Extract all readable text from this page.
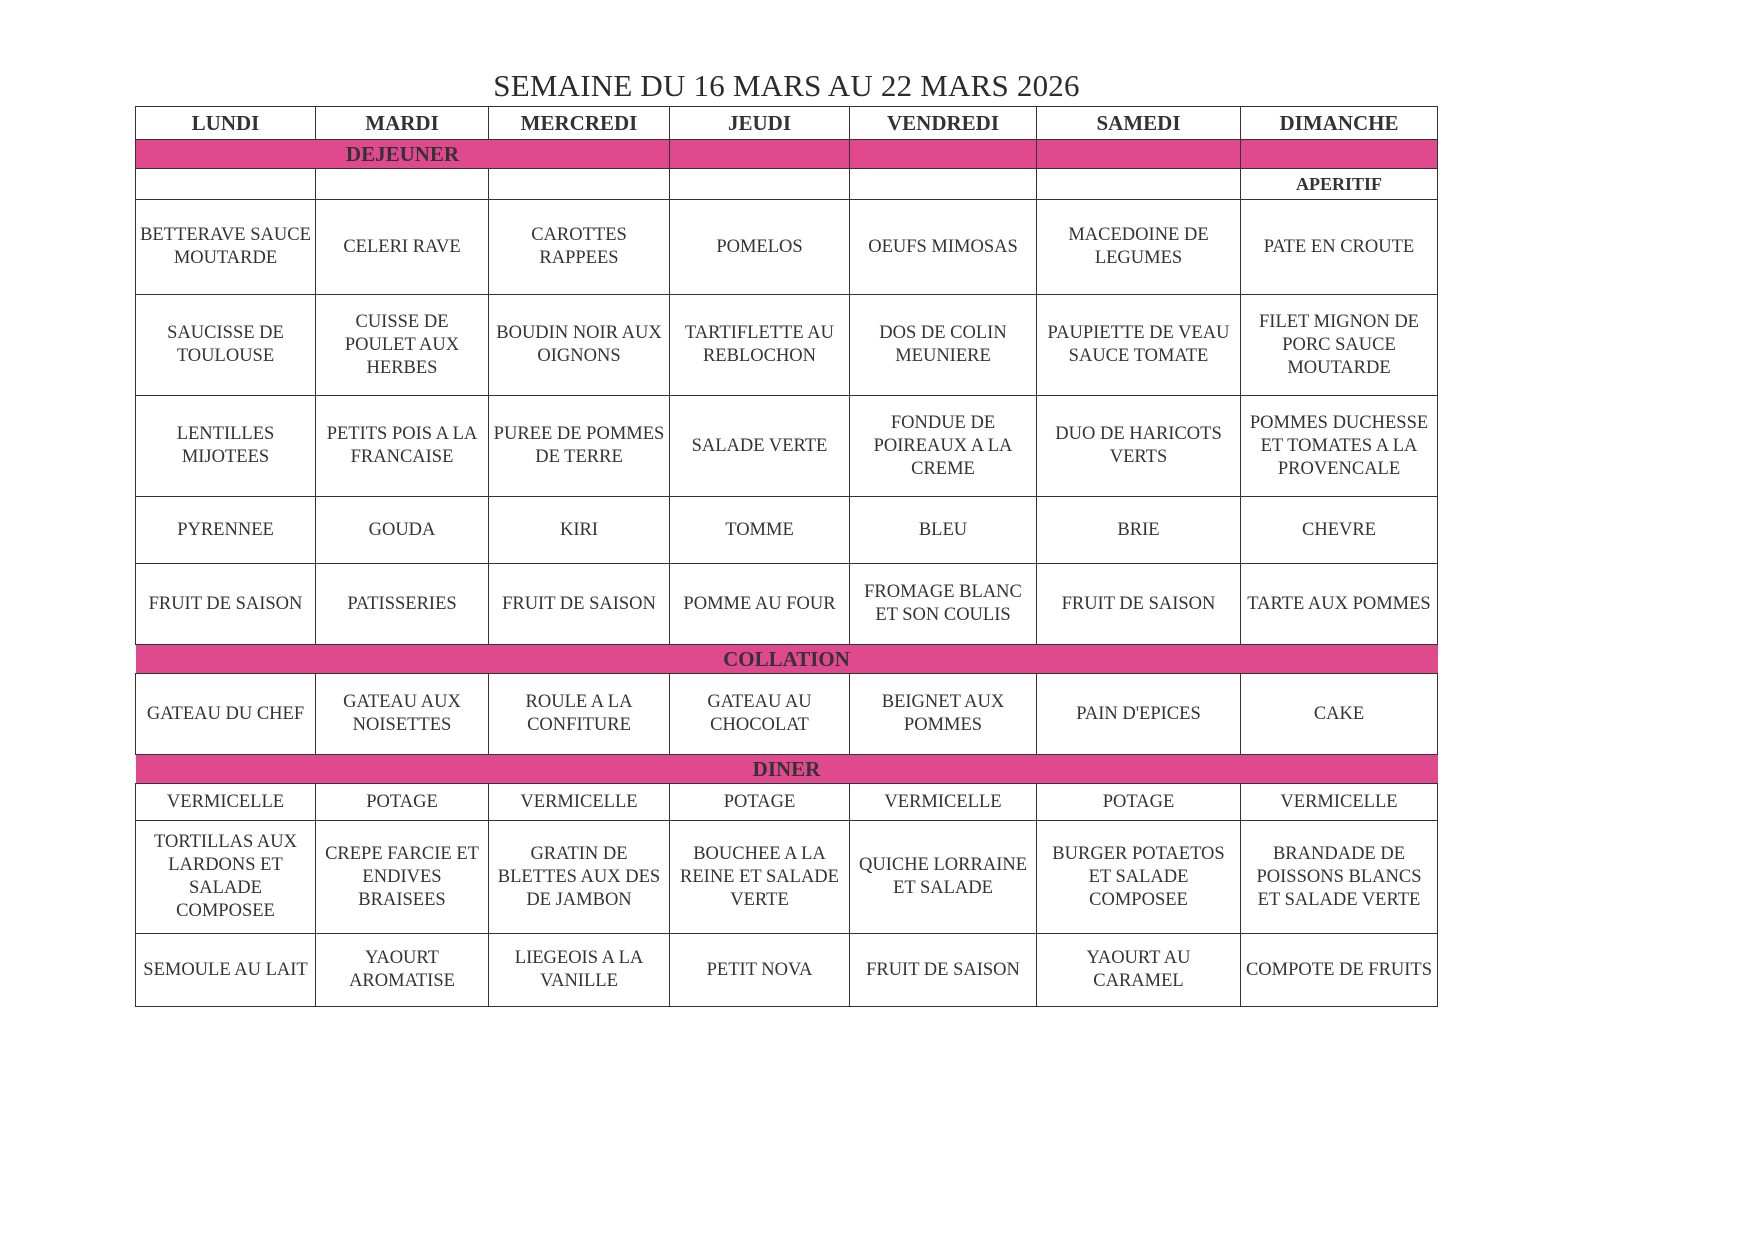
SEMAINE DU 16 MARS AU 22 MARS 2026
LUNDI	MARDI	MERCREDI	JEUDI	VENDREDI	SAMEDI	DIMANCHE
DEJEUNER						
						APERITIF
BETTERAVE SAUCE MOUTARDE	CELERI RAVE	CAROTTES RAPPEES	POMELOS	OEUFS MIMOSAS	MACEDOINE DE LEGUMES	PATE EN CROUTE
SAUCISSE DE TOULOUSE	CUISSE DE POULET AUX HERBES	BOUDIN NOIR AUX OIGNONS	TARTIFLETTE AU REBLOCHON	DOS DE COLIN MEUNIERE	PAUPIETTE DE VEAU SAUCE TOMATE	FILET MIGNON DE PORC SAUCE MOUTARDE
LENTILLES MIJOTEES	PETITS POIS A LA FRANCAISE	PUREE DE POMMES DE TERRE	SALADE VERTE	FONDUE DE POIREAUX A LA CREME	DUO DE HARICOTS VERTS	POMMES DUCHESSE ET TOMATES A LA PROVENCALE
PYRENNEE	GOUDA	KIRI	TOMME	BLEU	BRIE	CHEVRE
FRUIT DE SAISON	PATISSERIES	FRUIT DE SAISON	POMME AU FOUR	FROMAGE BLANC ET SON COULIS	FRUIT DE SAISON	TARTE AUX POMMES
COLLATION						
GATEAU DU CHEF	GATEAU AUX NOISETTES	ROULE A LA CONFITURE	GATEAU AU CHOCOLAT	BEIGNET AUX POMMES	PAIN D'EPICES	CAKE
DINER						
VERMICELLE	POTAGE	VERMICELLE	POTAGE	VERMICELLE	POTAGE	VERMICELLE
TORTILLAS AUX LARDONS ET SALADE COMPOSEE	CREPE FARCIE ET ENDIVES BRAISEES	GRATIN DE BLETTES AUX DES DE JAMBON	BOUCHEE A LA REINE ET SALADE VERTE	QUICHE LORRAINE ET SALADE	BURGER POTAETOS ET SALADE COMPOSEE	BRANDADE DE POISSONS BLANCS ET SALADE VERTE
SEMOULE AU LAIT	YAOURT AROMATISE	LIEGEOIS A LA VANILLE	PETIT NOVA	FRUIT DE SAISON	YAOURT AU CARAMEL	COMPOTE DE FRUITS
